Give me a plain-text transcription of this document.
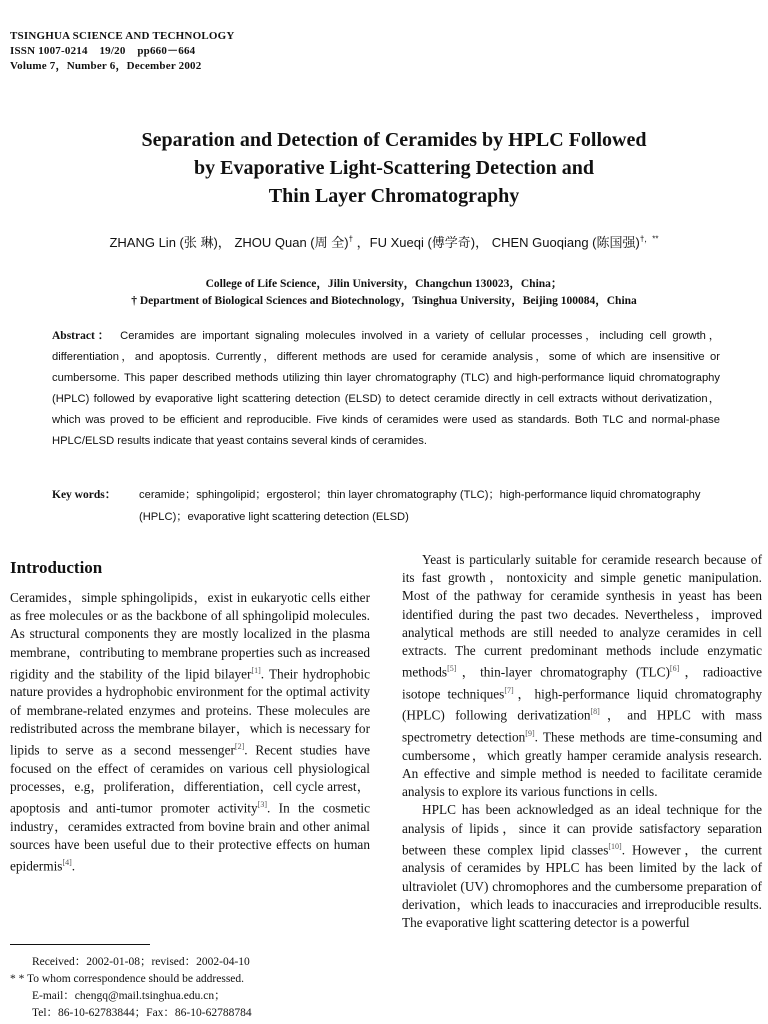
TSINGHUA SCIENCE AND TECHNOLOGY
ISSN 1007-0214    19/20    pp660－664
Volume 7，Number 6，December 2002
Separation and Detection of Ceramides by HPLC Followed
by Evaporative Light-Scattering Detection and
Thin Layer Chromatography
ZHANG Lin (张 琳)， ZHOU Quan (周 全)† ，FU Xueqi (傅学奇)， CHEN Guoqiang (陈国强)†，**
College of Life Science，Jilin University，Changchun 130023，China；
† Department of Biological Sciences and Biotechnology，Tsinghua University，Beijing 100084，China
Abstract： Ceramides are important signaling molecules involved in a variety of cellular processes，including cell growth，differentiation，and apoptosis. Currently，different methods are used for ceramide analysis，some of which are insensitive or cumbersome. This paper described methods utilizing thin layer chromatography (TLC) and high-performance liquid chromatography (HPLC) followed by evaporative light scattering detection (ELSD) to detect ceramide directly in cell extracts without derivatization，which was proved to be efficient and reproducible. Five kinds of ceramides were used as standards. Both TLC and normal-phase HPLC/ELSD results indicate that yeast contains several kinds of ceramides.
Key words： ceramide；sphingolipid；ergosterol；thin layer chromatography (TLC)；high-performance liquid chromatography (HPLC)；evaporative light scattering detection (ELSD)
Introduction

Ceramides，simple sphingolipids，exist in eukaryotic cells either as free molecules or as the backbone of all sphingolipid molecules. As structural components they are mostly localized in the plasma membrane，contributing to membrane properties such as increased rigidity and the stability of the lipid bilayer[1]. Their hydrophobic nature provides a hydrophobic environment for the optimal activity of membrane-related enzymes and proteins. These molecules are redistributed across the membrane bilayer，which is necessary for lipids to serve as a second messenger[2]. Recent studies have focused on the effect of ceramides on various cell physiological processes，e.g，proliferation，differentiation，cell cycle arrest，apoptosis and anti-tumor promoter activity[3]. In the cosmetic industry，ceramides extracted from bovine brain and other animal sources have been useful due to their protective effects on human epidermis[4].

Yeast is particularly suitable for ceramide research because of its fast growth，nontoxicity and simple genetic manipulation. Most of the pathway for ceramide synthesis in yeast has been identified during the past two decades. Nevertheless，improved analytical methods are still needed to analyze ceramides in cell extracts. The current predominant methods include enzymatic methods[5]，thin-layer chromatography (TLC)[6]，radioactive isotope techniques[7]，high-performance liquid chromatography (HPLC) following derivatization[8]，and HPLC with mass spectrometry detection[9]. These methods are time-consuming and cumbersome，which greatly hamper ceramide analysis research. An effective and simple method is needed to facilitate ceramide analysis to explore its various functions in cells.

HPLC has been acknowledged as an ideal technique for the analysis of lipids，since it can provide satisfactory separation between these complex lipid classes[10]. However，the current analysis of ceramides by HPLC has been limited by the lack of ultraviolet (UV) chromophores and the cumbersome preparation of derivation，which leads to inaccuracies and irreproducible results. The evaporative light scattering detector is a powerful

Received：2002-01-08；revised：2002-04-10
* * To whom correspondence should be addressed.
E-mail：chengq@mail.tsinghua.edu.cn；
Tel：86-10-62783844；Fax：86-10-62788784
